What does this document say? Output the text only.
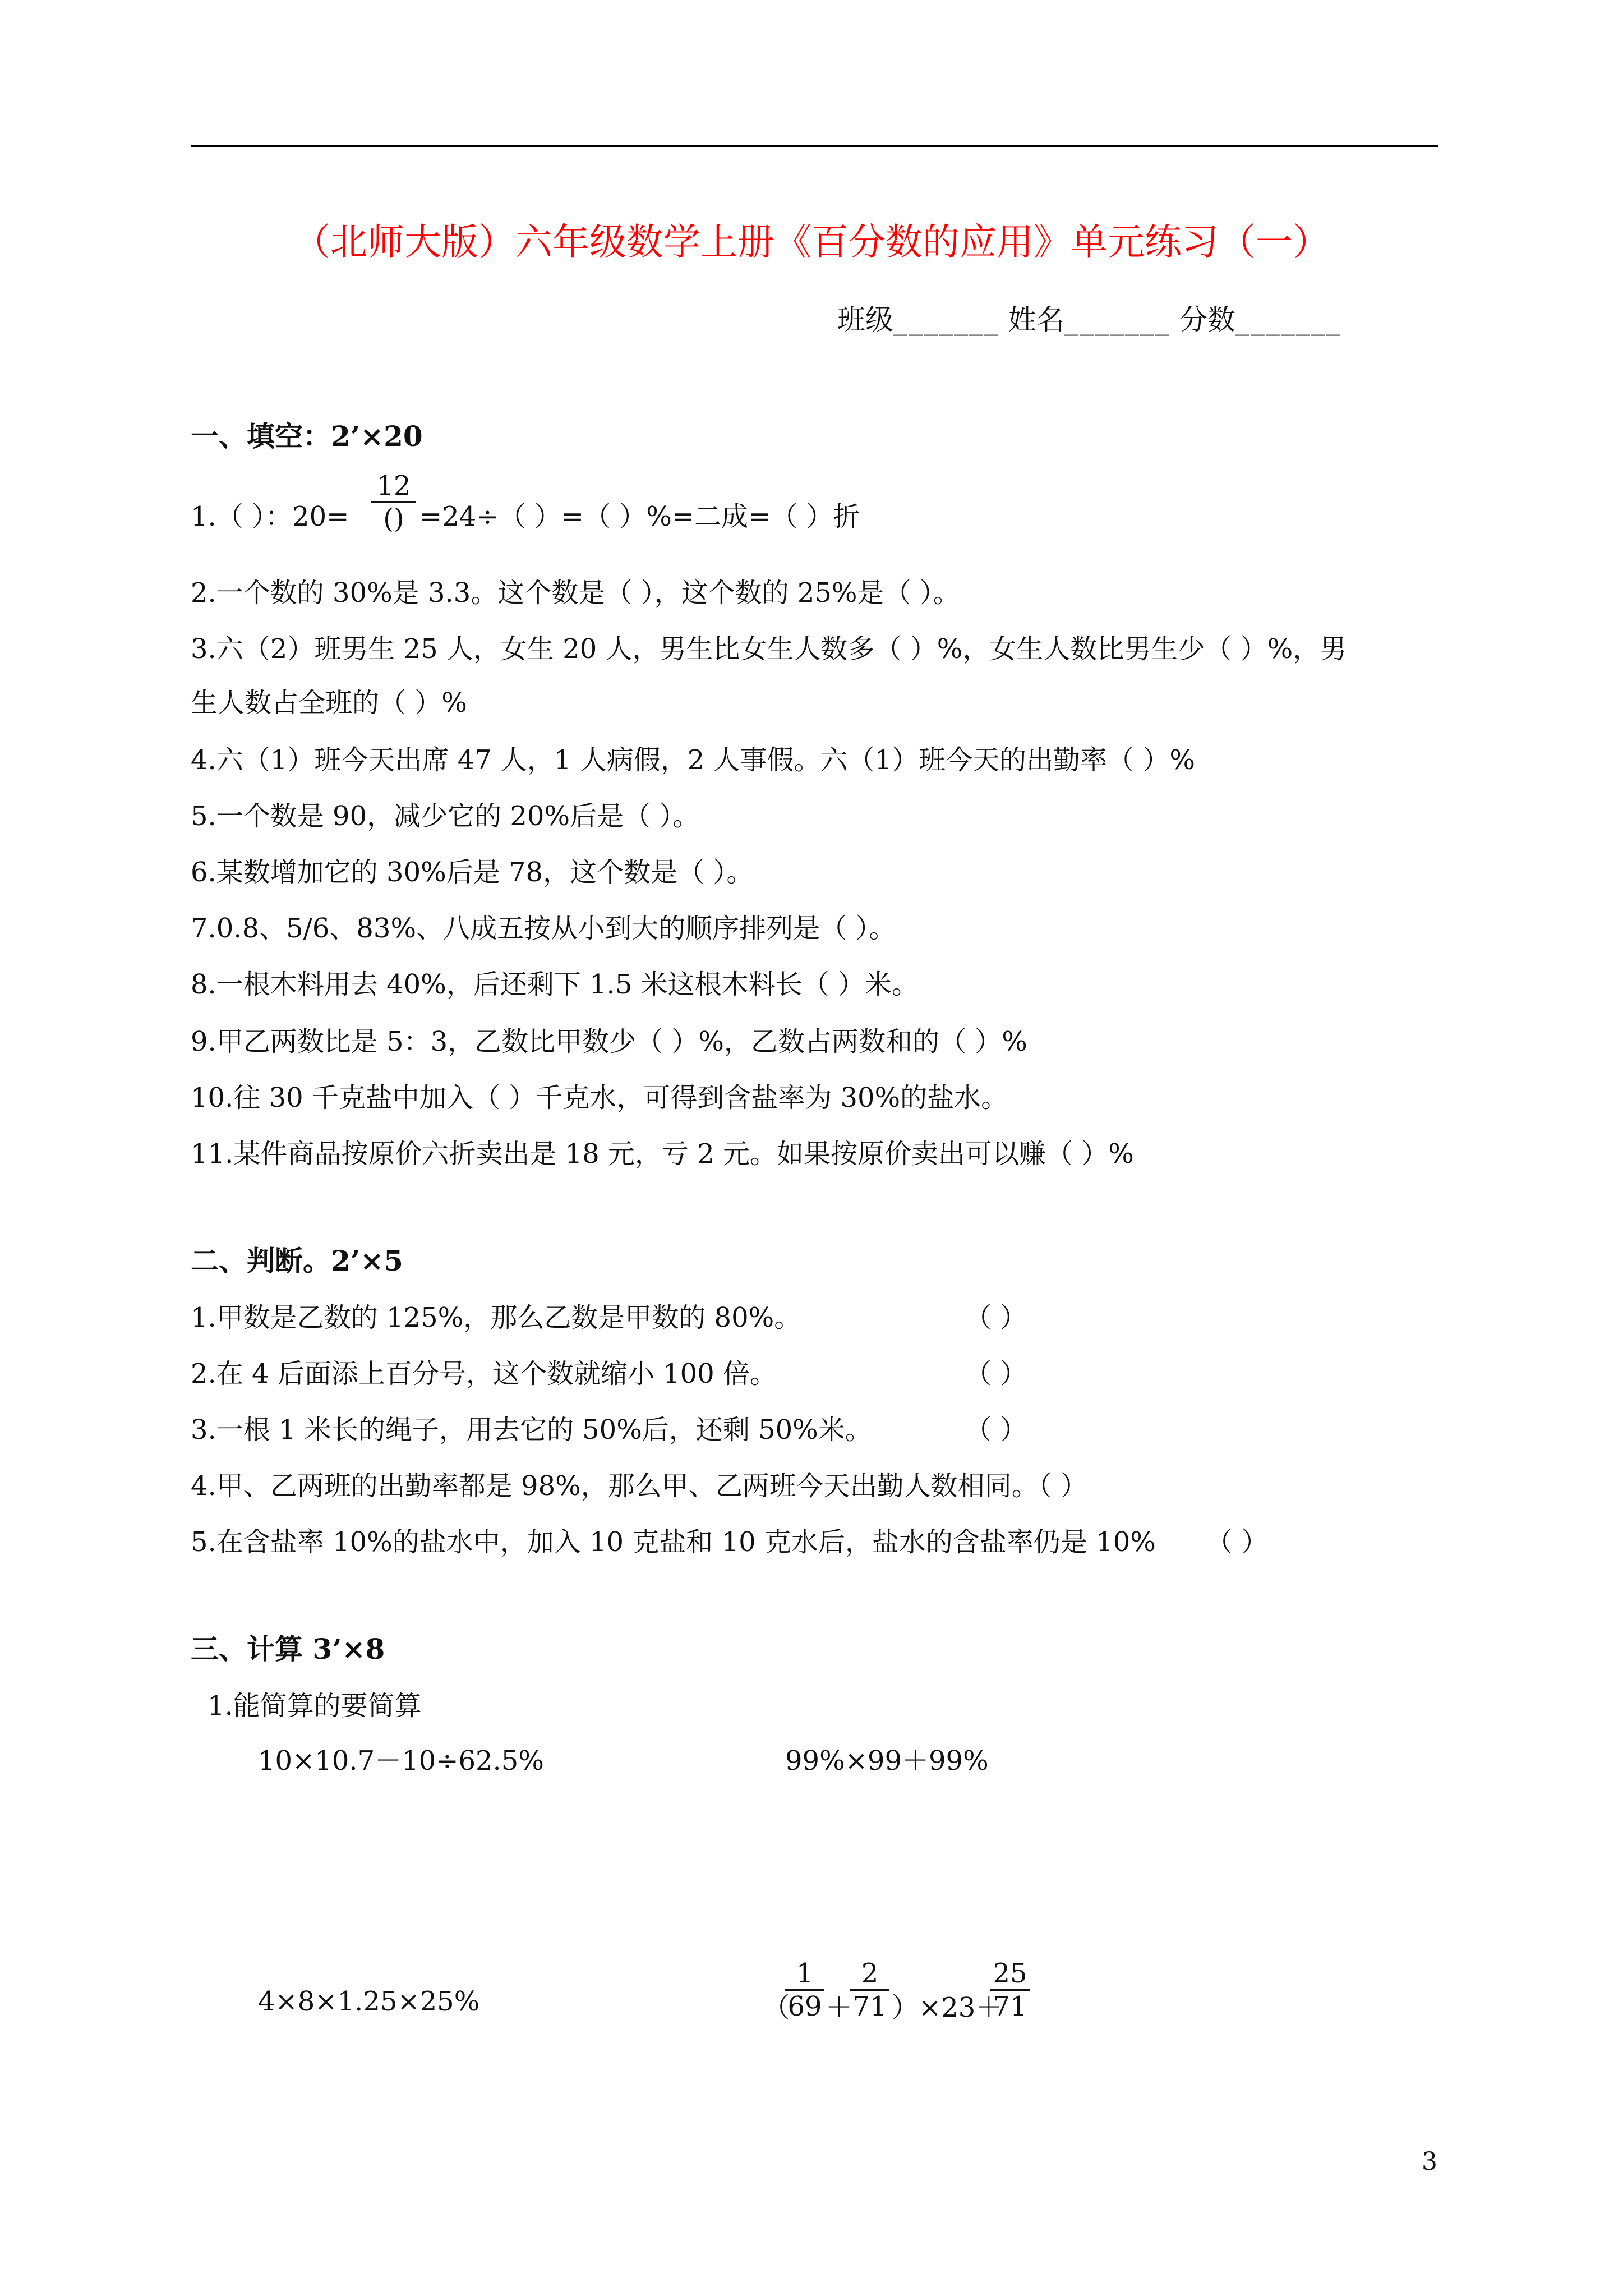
（北师大版）六年级数学上册《百分数的应用》单元练习（一）
班级_______ 姓名_______ 分数_______
一、填空：2’×20
1.（ ）：20=
12
() =24÷（ ）=（ ）%=二成=（ ）折
2.一个数的 30%是 3.3。这个数是（ ），这个数的 25%是（ ）。
3.六（2）班男生 25 人，女生 20 人，男生比女生人数多（ ）%，女生人数比男生少（ ）%，男
生人数占全班的（ ）%
4.六（1）班今天出席 47 人，1 人病假，2 人事假。六（1）班今天的出勤率（ ）%
5.一个数是 90，减少它的 20%后是（ ）。
6.某数增加它的 30%后是 78，这个数是（ ）。
7.0.8、5/6、83%、八成五按从小到大的顺序排列是（ ）。
8.一根木料用去 40%，后还剩下 1.5 米这根木料长（ ）米。
9.甲乙两数比是 5：3，乙数比甲数少（ ）%，乙数占两数和的（ ）%
10.往 30 千克盐中加入（ ）千克水，可得到含盐率为 30%的盐水。
11.某件商品按原价六折卖出是 18 元，亏 2 元。如果按原价卖出可以赚（ ）%
二、判断。2’×5
1.甲数是乙数的 125%，那么乙数是甲数的 80%。	（ ）
2.在 4 后面添上百分号，这个数就缩小 100 倍。	（ ）
3.一根 1 米长的绳子，用去它的 50%后，还剩 50%米。	（ ）
4.甲、乙两班的出勤率都是 98%，那么甲、乙两班今天出勤人数相同。（ ）
5.在含盐率 10%的盐水中，加入 10 克盐和 10 克水后，盐水的含盐率仍是 10% （ ）
三、计算 3’×8
1.能简算的要简算
10×10.7－10÷62.5%	99%×99＋99%
4×8×1.25×25%	（
1
69 ＋
2
71 ）×23＋
25
71
3
